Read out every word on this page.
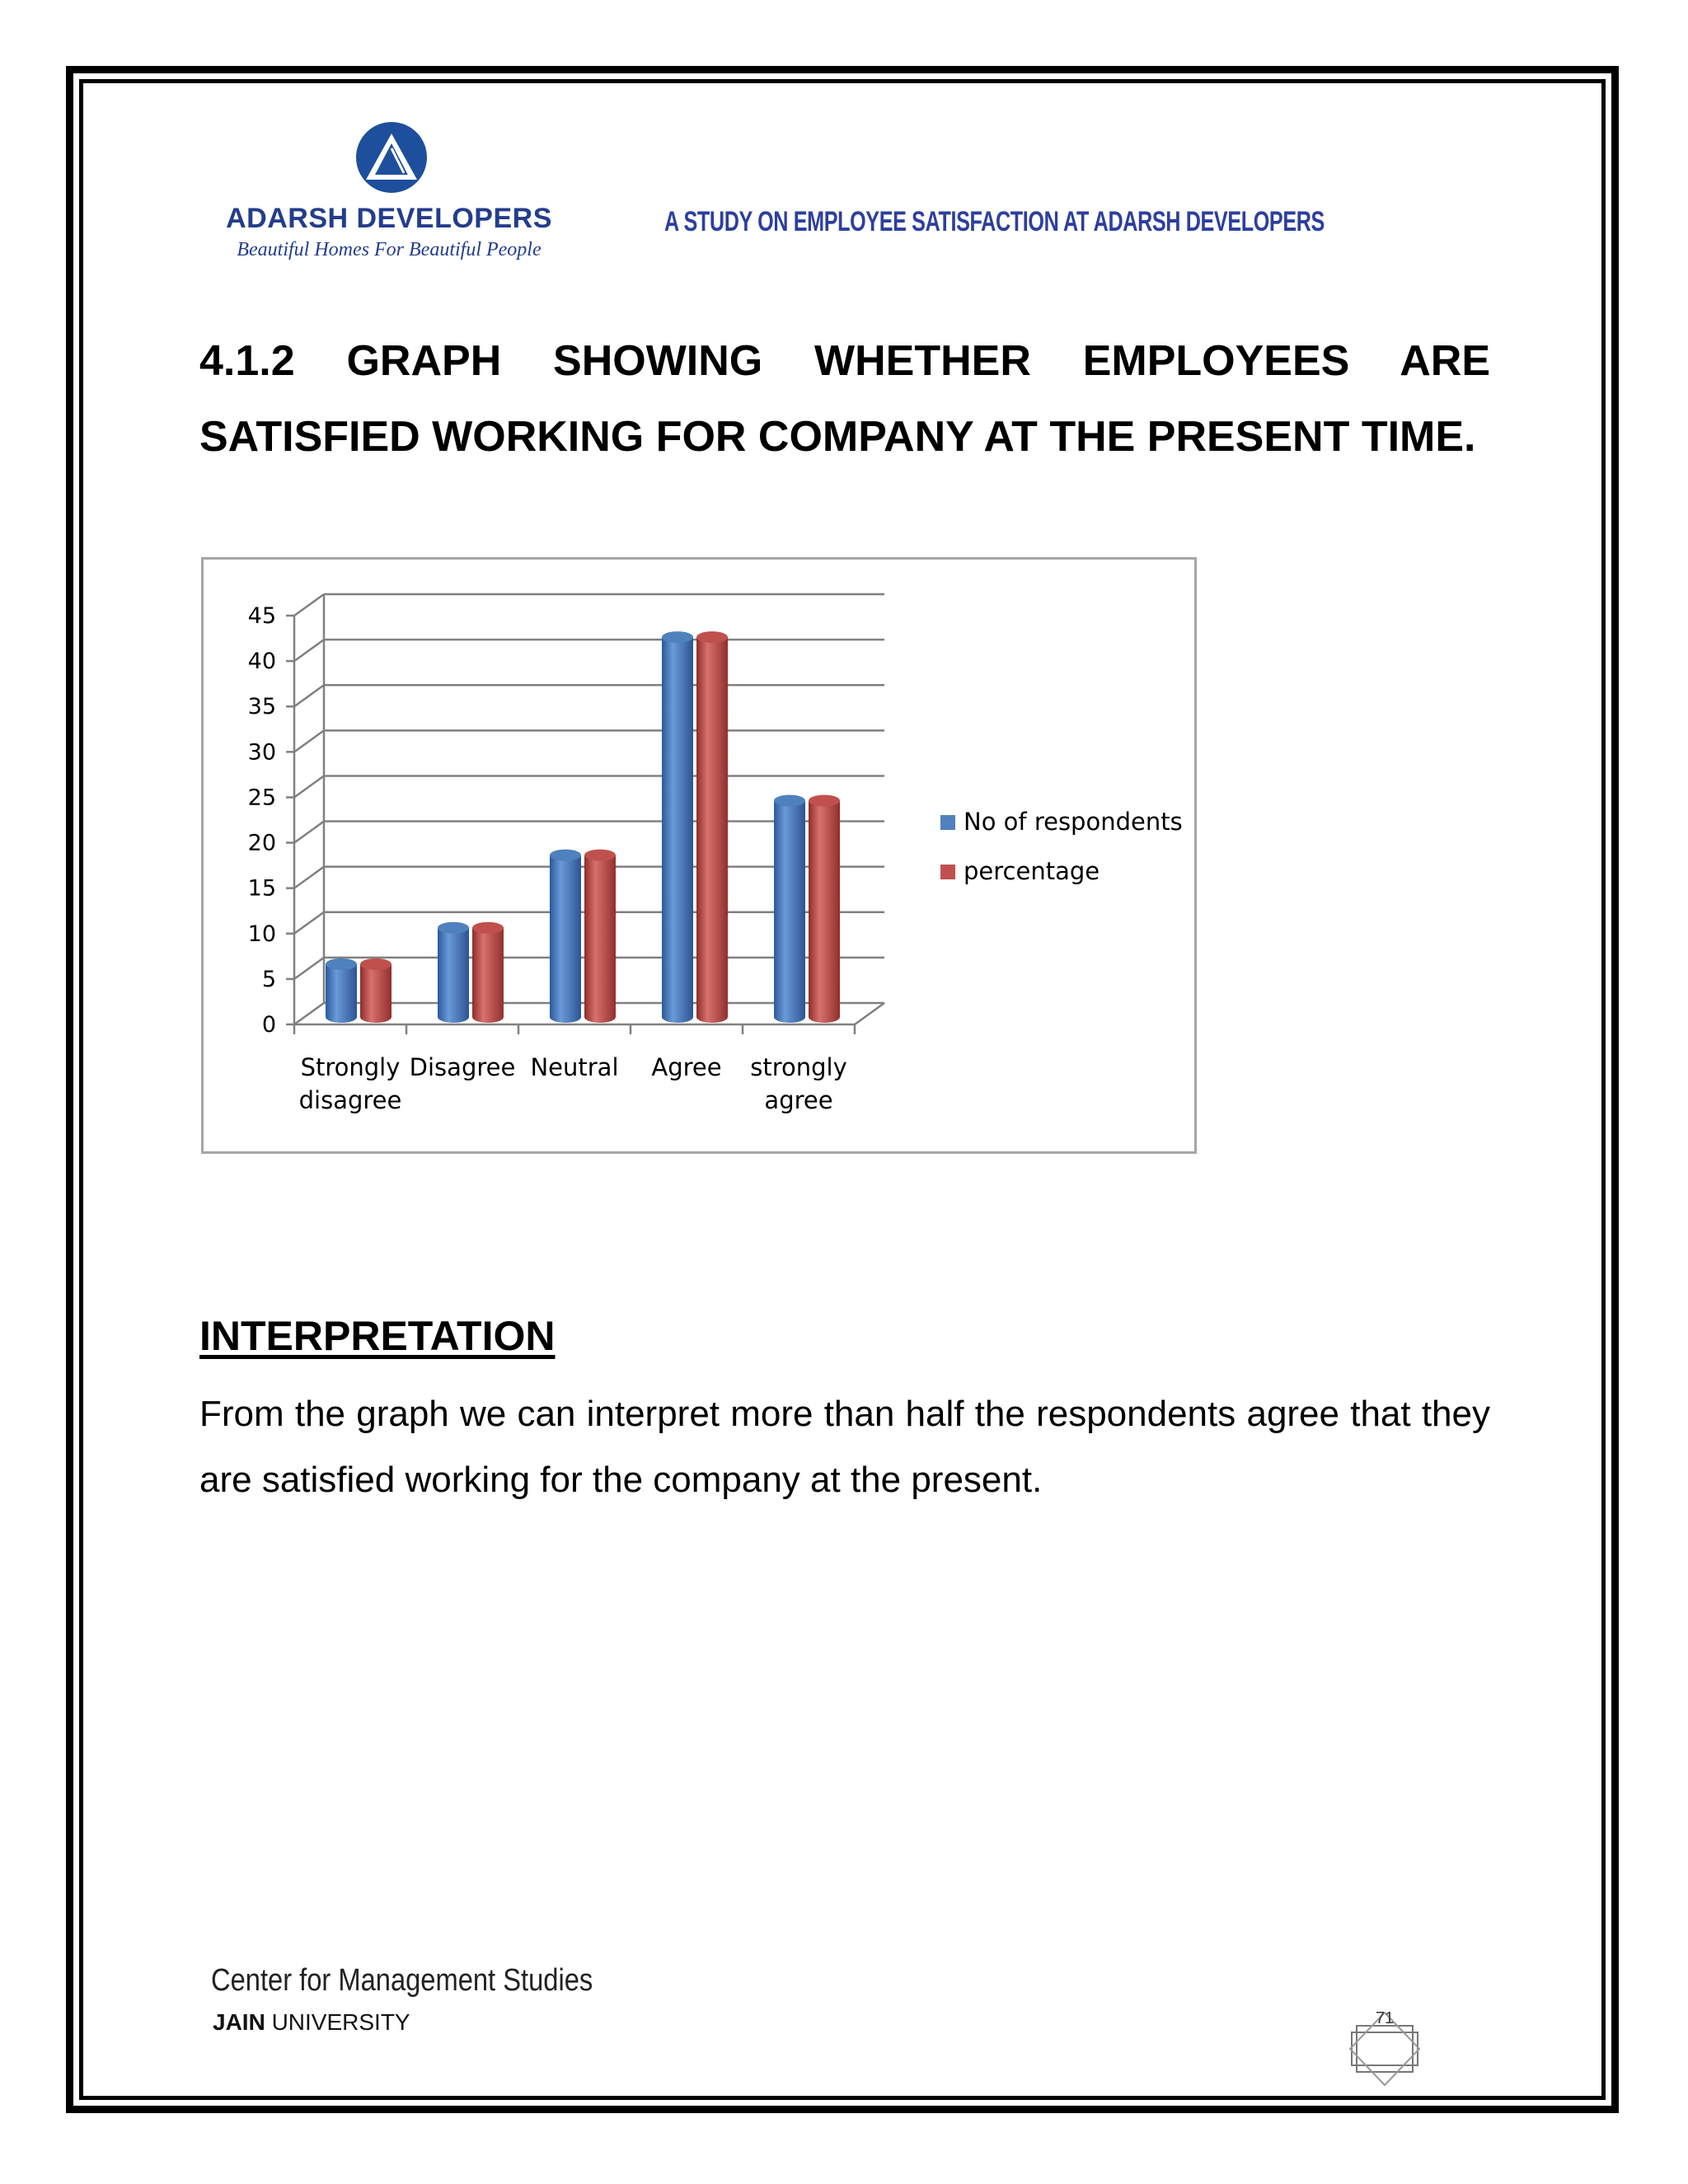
ADARSH DEVELOPERS
Beautiful Homes For Beautiful People
A STUDY ON EMPLOYEE SATISFACTION AT ADARSH DEVELOPERS
4.1.2 GRAPH SHOWING WHETHER EMPLOYEES ARE SATISFIED WORKING FOR COMPANY AT THE PRESENT TIME.
0
5
10
15
20
25
30
35
40
45
Strongly
disagree
Disagree Neutral Agree strongly
agree
No of respondents
percentage
INTERPRETATION
From the graph we can interpret more than half the respondents agree that they are satisfied working for the company at the present.
Center for Management Studies
JAIN UNIVERSITY	71
